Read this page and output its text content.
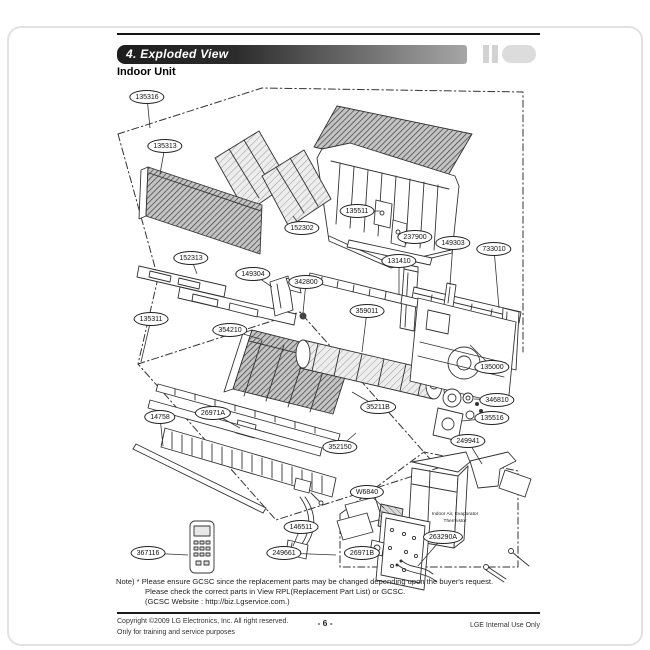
4. Exploded View
Indoor Unit
135316
135313
152302
152313
135511
237900
149303
733010
131410
149304
342800
359011
354210
135311
26971A
14758
35211B
352150
135000
346810
135516
249941
W6840
146511
367116	249661	26971B
263290A
Indoor Air, Evaporator
Thermistor
Note) * Please ensure GCSC since the replacement parts may be changed depending upon the buyer's request.
Please check the correct parts in View RPL(Replacement Part List) or GCSC.
(GCSC Website : http://biz.Lgservice.com.)
Copyright ©2009 LG Electronics, Inc. All right reserved.
Only for training and service purposes
- 6 -	LGE Internal Use Only
